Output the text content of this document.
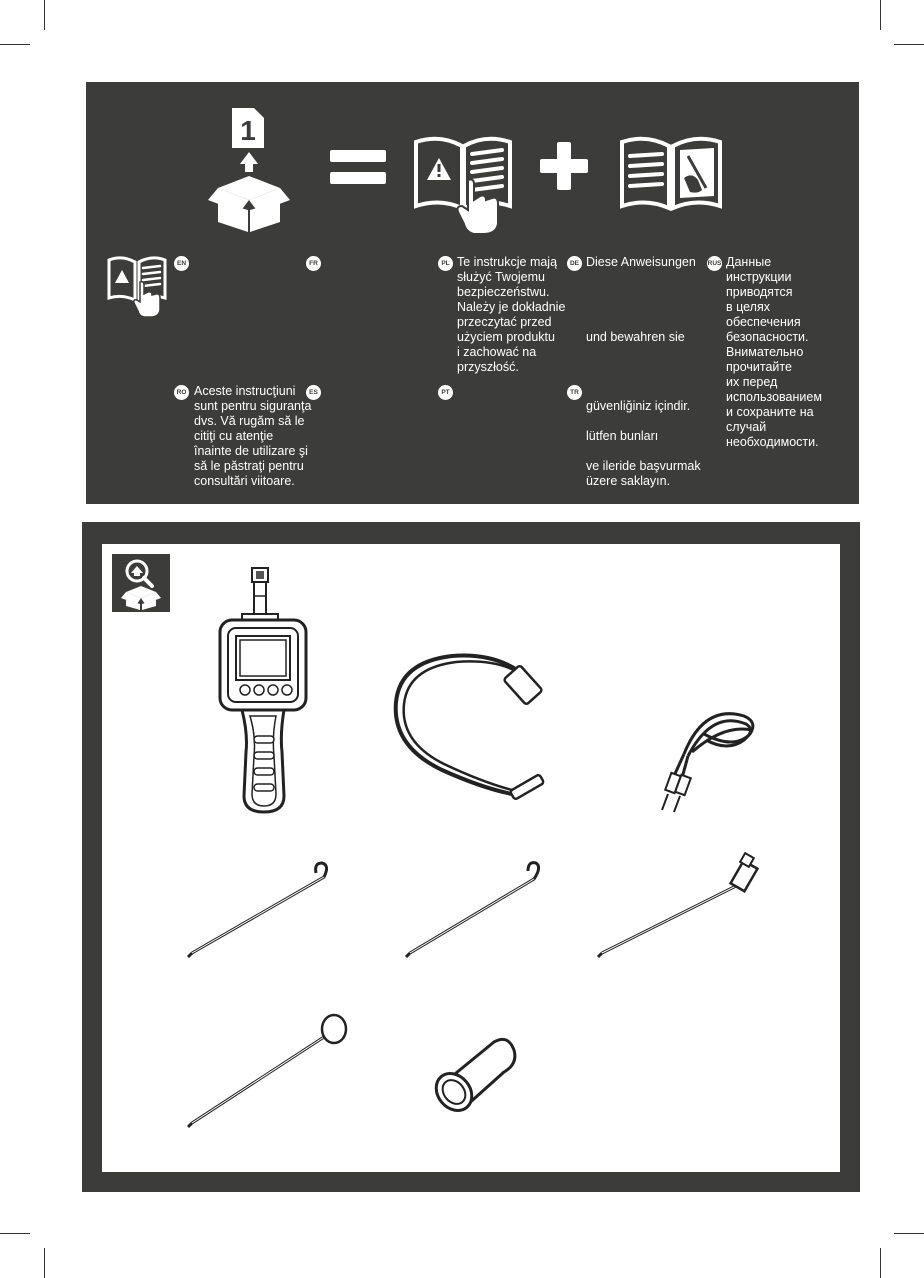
1
EN	FR	PL Te instrukcje mają
służyć Twojemu
bezpieczeństwu.
Należy je dokładnie
przeczytać przed
użyciem produktu
i zachować na
przyszłość.
DE Diese Anweisungen
und bewahren sie
RUS Данные
инструкции
приводятся
в целях
обеспечения
безопасности.
Внимательно
прочитайте
их перед
использованием
и сохраните на
случай
необходимости.
RO Aceste instrucţiuni
sunt pentru siguranţa
dvs. Vă rugăm să le
citiţi cu atenţie
înainte de utilizare şi
să le păstraţi pentru
consultări viitoare.
ES	PT	TR
güvenliğiniz içindir.
lütfen bunları
ve ileride başvurmak
üzere saklayın.
